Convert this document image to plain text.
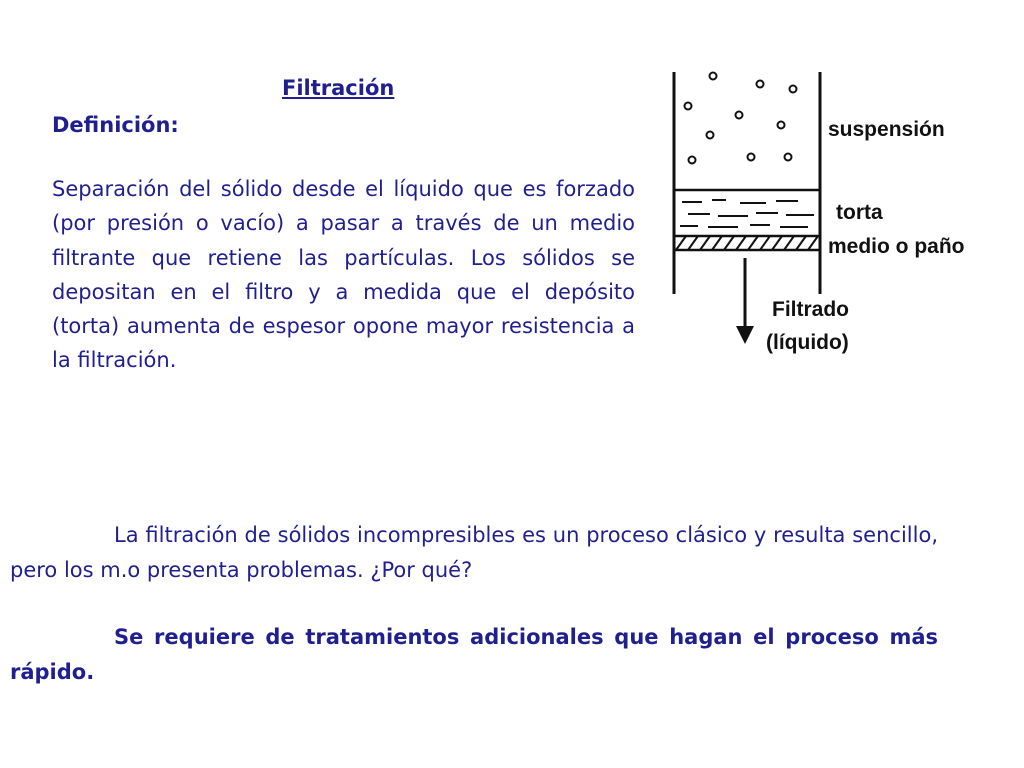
Filtración
Definición:

Separación del sólido desde el líquido que es forzado (por presión o vacío) a pasar a través de un medio filtrante que retiene las partículas. Los sólidos se depositan en el filtro y a medida que el depósito (torta) aumenta de espesor opone mayor resistencia a la filtración.

suspensión
torta
medio o paño
Filtrado
(líquido)

La filtración de sólidos incompresibles es un proceso clásico y resulta sencillo, pero los m.o presenta problemas. ¿Por qué?

Se requiere de tratamientos adicionales que hagan el proceso más rápido.
